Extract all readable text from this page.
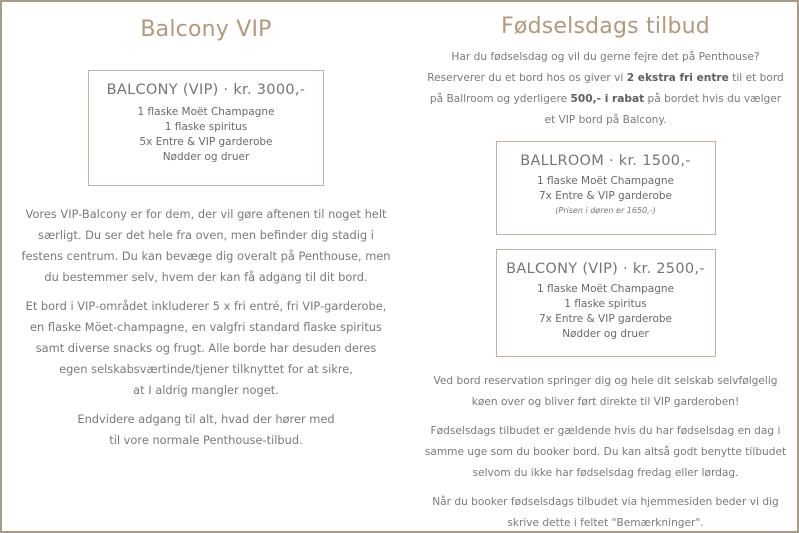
Balcony VIP
BALCONY (VIP) · kr. 3000,-
1 flaske Moët Champagne
1 flaske spiritus
5x Entre & VIP garderobe
Nødder og druer

Vores VIP-Balcony er for dem, der vil gøre aftenen til noget helt særligt. Du ser det hele fra oven, men befinder dig stadig i festens centrum. Du kan bevæge dig overalt på Penthouse, men du bestemmer selv, hvem der kan få adgang til dit bord.

Et bord i VIP-området inkluderer 5 x fri entré, fri VIP-garderobe, en flaske Möet-champagne, en valgfri standard flaske spiritus samt diverse snacks og frugt. Alle borde har desuden deres egen selskabsværtinde/tjener tilknyttet for at sikre,
at I aldrig mangler noget.

Endvidere adgang til alt, hvad der hører med
til vore normale Penthouse-tilbud.

Fødselsdags tilbud

Har du fødselsdag og vil du gerne fejre det på Penthouse?
Reserverer du et bord hos os giver vi 2 ekstra fri entre til et bord på Ballroom og yderligere 500,- i rabat på bordet hvis du vælger et VIP bord på Balcony.

BALLROOM · kr. 1500,-
1 flaske Moët Champagne
7x Entre & VIP garderobe
(Prisen i døren er 1650,-)
BALCONY (VIP) · kr. 2500,-
1 flaske Moët Champagne
1 flaske spiritus
7x Entre & VIP garderobe
Nødder og druer

Ved bord reservation springer dig og hele dit selskab selvfølgelig køen over og bliver ført direkte til VIP garderoben!

Fødselsdags tilbudet er gældende hvis du har fødselsdag en dag i samme uge som du booker bord. Du kan altså godt benytte tilbudet selvom du ikke har fødselsdag fredag eller lørdag.

Når du booker fødselsdags tilbudet via hjemmesiden beder vi dig skrive dette i feltet "Bemærkninger".
